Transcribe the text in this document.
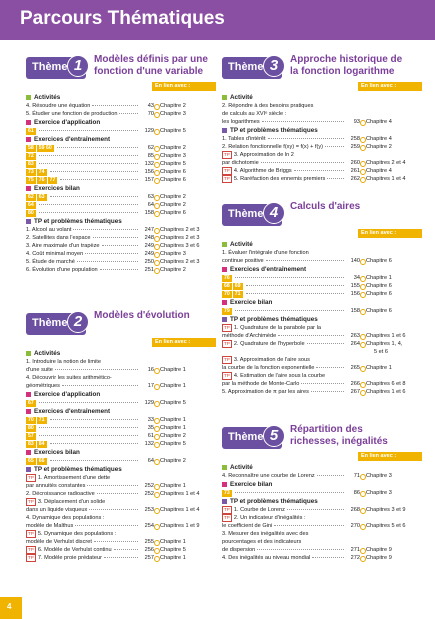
Parcours Thématiques
Thème 1	Modèles définis par une
fonction d'une variable
En lien avec :
Activités
4. Résoudre une équation	43	Chapitre 2
5. Étudier une fonction de production	70	Chapitre 3
Exercice d'application
61	129	Chapitre 5
Exercices d'entraînement
58 59 60	62	Chapitre 2
72	85	Chapitre 3
83	132	Chapitre 5
73 74	156	Chapitre 6
75 76 77	157	Chapitre 6
Exercices bilan
62 63	63	Chapitre 2
64	64	Chapitre 2
80	158	Chapitre 6
TP et problèmes thématiques
1. Alcool au volant	247	Chapitres 2 et 3
2. Satellites dans l'espace	248	Chapitres 2 et 3
3. Aire maximale d'un trapèze	249	Chapitres 3 et 6
4. Coût minimal moyen	249	Chapitre 3
5. Étude de marché	250	Chapitres 2 et 3
6. Évolution d'une population	251	Chapitre 2
Thème 2	Modèles d'évolution
En lien avec :
Activités
1. Introduire la notion de limite
d'une suite	16	Chapitre 1
4. Découvrir les suites arithmético-
géométriques	17	Chapitre 1
Exercice d'application
67	129	Chapitre 5
Exercices d'entraînement
70 71	33	Chapitre 1
80	35	Chapitre 1
57	61	Chapitre 2
83 84	132	Chapitre 5
Exercices bilan
65 66	64	Chapitre 2
TP et problèmes thématiques
TP 1. Amortissement d'une dette
par annuités constantes	252	Chapitre 1
2. Décroissance radioactive	252	Chapitres 1 et 4
TP 3. Déplacement d'un solide
dans un liquide visqueux	253	Chapitres 1 et 4
4. Dynamique des populations :
modèle de Malthus	254	Chapitres 1 et 9
TP 5. Dynamique des populations :
modèle de Verhulst discret	255	Chapitre 1
TP 6. Modèle de Verhulst continu	256	Chapitre 5
TP 7. Modèle proie prédateur	257	Chapitre 1
Thème 3	Approche historique de
la fonction logarithme
En lien avec :
Activité
2. Répondre à des besoins pratiques
de calculs au XVIᵉ siècle :
les logarithmes	93	Chapitre 4
TP et problèmes thématiques
1. Tables d'intérêt	258	Chapitre 4
2. Relation fonctionnelle f(xy) = f(x) + f(y)	259	Chapitre 2
TP 3. Approximation de ln 2
par dichotomie	260	Chapitres 2 et 4
TP 4. Algorithme de Briggs	261	Chapitre 4
TP 5. Raréfaction des ennemis premiers	262	Chapitres 1 et 4
Thème 4	Calculs d'aires
En lien avec :
Activité
1. Évaluer l'intégrale d'une fonction
continue positive	140	Chapitre 6
Exercices d'entraînement
76	34	Chapitre 1
68 69	155	Chapitre 6
70 71	156	Chapitre 6
Exercice bilan
79	158	Chapitre 6
TP et problèmes thématiques
TP 1. Quadrature de la parabole par la
méthode d'Archimède	263	Chapitres 1 et 6
TP 2. Quadrature de l'hyperbole	264	Chapitres 1, 4,
5 et 6
TP 3. Approximation de l'aire sous
la courbe de la fonction exponentielle	265	Chapitre 1
TP 4. Estimation de l'aire sous la courbe
par la méthode de Monte-Carlo	266	Chapitres 6 et 8
5. Approximation de π par les aires	267	Chapitres 1 et 6
Thème 5	Répartition des
richesses, inégalités
En lien avec :
Activité
4. Reconnaître une courbe de Lorenz	71	Chapitre 3
Exercice bilan
73	86	Chapitre 3
TP et problèmes thématiques
TP 1. Courbe de Lorenz	268	Chapitres 3 et 9
TP 2. Un indicateur d'inégalités :
le coefficient de Gini	270	Chapitres 5 et 6
3. Mesurer des inégalités avec des
pourcentages et des indicateurs
de dispersion	271	Chapitre 9
4. Des inégalités au niveau mondial	272	Chapitre 9
4
